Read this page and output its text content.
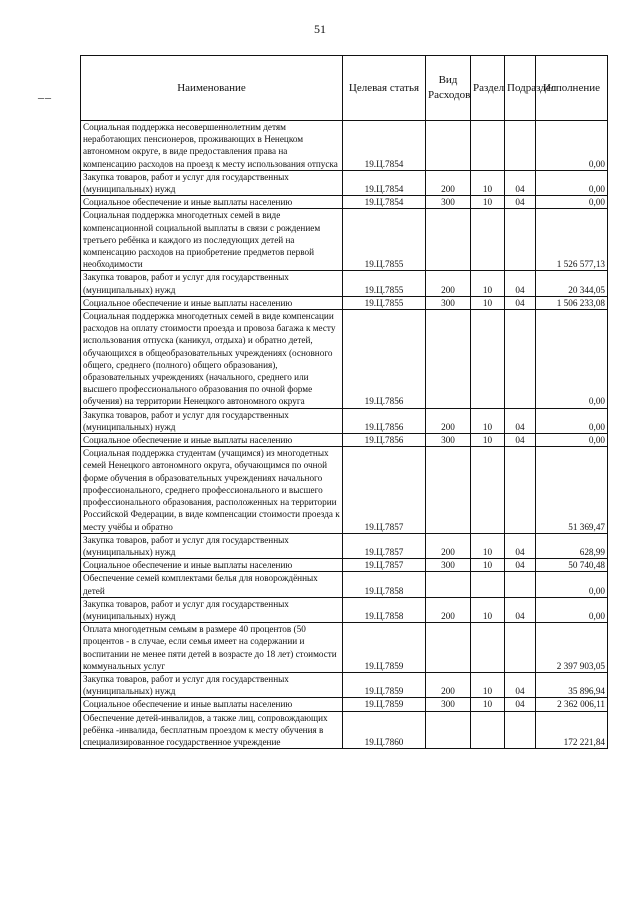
51
__	Наименование	Целевая статья	Вид Расходов	Раздел	Подраздел	Исполнение
Социальная поддержка несовершеннолетним детям неработающих пенсионеров, проживающих в Ненецком автономном округе, в виде предоставления права на компенсацию расходов на проезд к месту использования отпуска	19.Ц.7854				0,00
Закупка товаров, работ и услуг для государственных (муниципальных) нужд	19.Ц.7854	200	10	04	0,00
Социальное обеспечение и иные выплаты населению	19.Ц.7854	300	10	04	0,00
Социальная поддержка многодетных семей в виде компенсационной социальной выплаты в связи с рождением третьего ребёнка и каждого из последующих детей на компенсацию расходов на приобретение предметов первой необходимости	19.Ц.7855				1 526 577,13
Закупка товаров, работ и услуг для государственных (муниципальных) нужд	19.Ц.7855	200	10	04	20 344,05
Социальное обеспечение и иные выплаты населению	19.Ц.7855	300	10	04	1 506 233,08
Социальная поддержка многодетных семей в виде компенсации расходов на оплату стоимости проезда и провоза багажа к месту использования отпуска (каникул, отдыха) и обратно детей, обучающихся в общеобразовательных учреждениях (основного общего, среднего (полного) общего образования), образовательных учреждениях (начального, среднего или высшего профессионального образования по очной форме обучения) на территории Ненецкого автономного округа	19.Ц.7856				0,00
Закупка товаров, работ и услуг для государственных (муниципальных) нужд	19.Ц.7856	200	10	04	0,00
Социальное обеспечение и иные выплаты населению	19.Ц.7856	300	10	04	0,00
Социальная поддержка студентам (учащимся) из многодетных семей Ненецкого автономного округа, обучающимся по очной форме обучения в образовательных учреждениях начального профессионального, среднего профессионального и высшего профессионального образования, расположенных на территории Российской Федерации, в виде компенсации стоимости проезда к месту учёбы и обратно	19.Ц.7857				51 369,47
Закупка товаров, работ и услуг для государственных (муниципальных) нужд	19.Ц.7857	200	10	04	628,99
Социальное обеспечение и иные выплаты населению	19.Ц.7857	300	10	04	50 740,48
Обеспечение семей комплектами белья для новорождённых детей	19.Ц.7858				0,00
Закупка товаров, работ и услуг для государственных (муниципальных) нужд	19.Ц.7858	200	10	04	0,00
Оплата многодетным семьям в размере 40 процентов (50 процентов - в случае, если семья имеет на содержании и воспитании не менее пяти детей в возрасте до 18 лет) стоимости коммунальных услуг	19.Ц.7859				2 397 903,05
Закупка товаров, работ и услуг для государственных (муниципальных) нужд	19.Ц.7859	200	10	04	35 896,94
Социальное обеспечение и иные выплаты населению	19.Ц.7859	300	10	04	2 362 006,11
Обеспечение детей-инвалидов, а также лиц, сопровождающих ребёнка -инвалида, бесплатным проездом к месту обучения в специализированное государственное учреждение	19.Ц.7860				172 221,84
